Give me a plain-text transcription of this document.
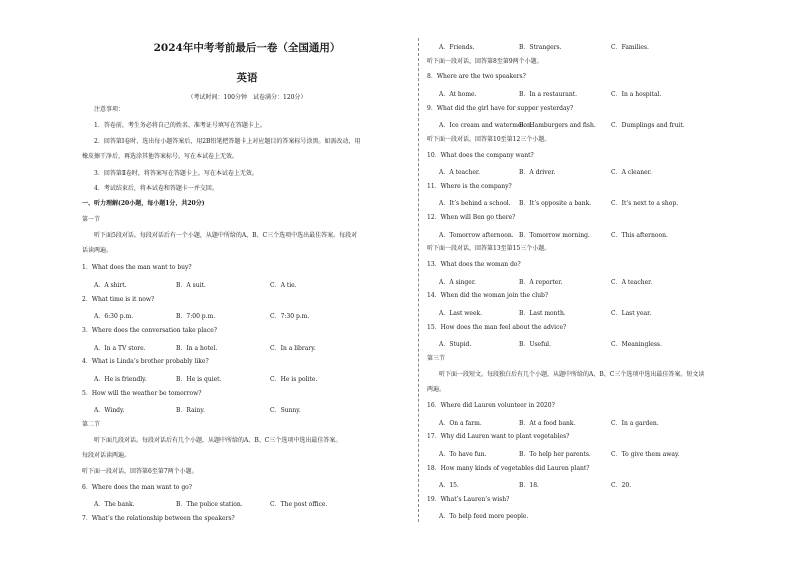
2024年中考考前最后一卷（全国通用）
英语
（考试时间：100分钟　试卷满分：120分）
注意事项：
1．答卷前，考生务必将自己的姓名、准考证号填写在答题卡上。
2．回答第Ⅰ卷时，选出每小题答案后，用2B铅笔把答题卡上对应题目的答案标号涂黑。如需改动，用
橡皮擦干净后，再选涂其他答案标号。写在本试卷上无效。
3．回答第Ⅱ卷时，将答案写在答题卡上。写在本试卷上无效。
4．考试结束后，将本试卷和答题卡一并交回。
一、听力理解(20小题，每小题1分，共20分)
第一节
听下面5段对话。每段对话后有一个小题，从题中所给的A、B、C三个选项中选出最佳答案。每段对
话读两遍。
1．What does the man want to buy?
A．A shirt.	B．A suit.	C．A tie.
2．What time is it now?
A．6:30 p.m.	B．7:00 p.m.	C．7:30 p.m.
3．Where does the conversation take place?
A．In a TV store.	B．In a hotel.	C．In a library.
4．What is Linda’s brother probably like?
A．He is friendly.	B．He is quiet.	C．He is polite.
5．How will the weather be tomorrow?
A．Windy.	B．Rainy.	C．Sunny.
第二节
听下面几段对话。每段对话后有几个小题，从题中所给的A、B、C三个选项中选出最佳答案。
每段对话读两遍。
听下面一段对话，回答第6至第7两个小题。
6．Where does the man want to go?
A．The bank.	B．The police station.	C．The post office.
7．What’s the relationship between the speakers?
A．Friends.	B．Strangers.	C．Families.
听下面一段对话，回答第8至第9两个小题。
8．Where are the two speakers?
A．At home.	B．In a restaurant.	C．In a hospital.
9．What did the girl have for supper yesterday?
A．Ice cream and watermelon.
B．Hamburgers and fish.	C．Dumplings and fruit.
听下面一段对话，回答第10至第12三个小题。
10．What does the company want?
A．A teacher.	B．A driver.	C．A cleaner.
11．Where is the company?
A．It’s behind a school. B．It’s opposite a bank.	C．It’s next to a shop.
12．When will Ben go there?
A．Tomorrow afternoon. B．Tomorrow morning.	C．This afternoon.
听下面一段对话，回答第13至第15三个小题。
13．What does the woman do?
A．A singer.	B．A reporter.	C．A teacher.
14．When did the woman join the club?
A．Last week.	B．Last month.	C．Last year.
15．How does the man feel about the advice?
A．Stupid.	B．Useful.	C．Meaningless.
第三节
听下面一段短文。每段独白后有几个小题，从题中所给的A、B、C三个选项中选出最佳答案。短文读
两遍。
16．Where did Lauren volunteer in 2020?
A．On a farm.	B．At a food bank.	C．In a garden.
17．Why did Lauren want to plant vegetables?
A．To have fun.	B．To help her parents.	C．To give them away.
18．How many kinds of vegetables did Lauren plant?
A．15.	B．18.	C．20.
19．What’s Lauren’s wish?
A．To help feed more people.
